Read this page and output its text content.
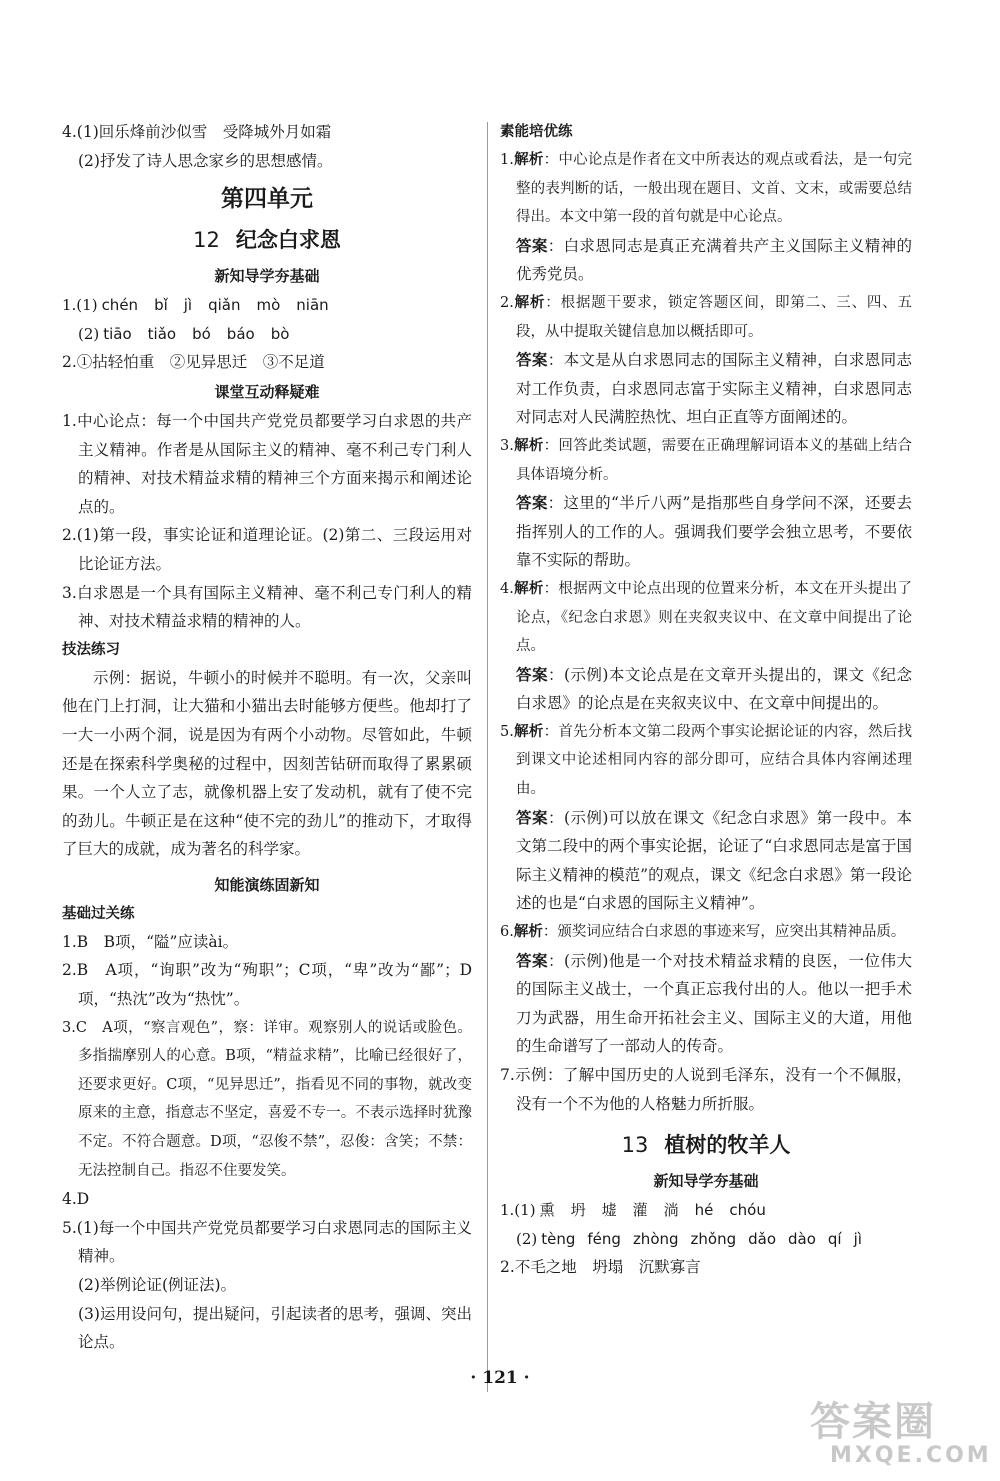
4.(1)回乐烽前沙似雪　受降城外月如霜

(2)抒发了诗人思念家乡的思想感情。

第四单元
12 纪念白求恩
新知导学夯基础

1.(1) chén bǐ jì qiǎn mò niān

(2) tiāo tiǎo bó báo bò

2.①拈轻怕重　②见异思迁　③不足道

课堂互动释疑难

1.中心论点：每一个中国共产党党员都要学习白求恩的共产主义精神。作者是从国际主义的精神、毫不利己专门利人的精神、对技术精益求精的精神三个方面来揭示和阐述论点的。

2.(1)第一段，事实论证和道理论证。(2)第二、三段运用对比论证方法。

3.白求恩是一个具有国际主义精神、毫不利己专门利人的精神、对技术精益求精的精神的人。

技法练习

示例：据说，牛顿小的时候并不聪明。有一次，父亲叫他在门上打洞，让大猫和小猫出去时能够方便些。他却打了一大一小两个洞，说是因为有两个小动物。尽管如此，牛顿还是在探索科学奥秘的过程中，因刻苦钻研而取得了累累硕果。一个人立了志，就像机器上安了发动机，就有了使不完的劲儿。牛顿正是在这种“使不完的劲儿”的推动下，才取得了巨大的成就，成为著名的科学家。

知能演练固新知
基础过关练

1.B　B项，“隘”应读ài。

2.B　A项，“询职”改为“殉职”；C项，“卑”改为“鄙”；D项，“热沈”改为“热忱”。

3.C　A项，“察言观色”，察：详审。观察别人的说话或脸色。多指揣摩别人的心意。B项，“精益求精”，比喻已经很好了，还要求更好。C项，“见异思迁”，指看见不同的事物，就改变原来的主意，指意志不坚定，喜爱不专一。不表示选择时犹豫不定。不符合题意。D项，“忍俊不禁”，忍俊：含笑；不禁：无法控制自己。指忍不住要发笑。

4.D

5.(1)每一个中国共产党党员都要学习白求恩同志的国际主义精神。

(2)举例论证(例证法)。

(3)运用设问句，提出疑问，引起读者的思考，强调、突出论点。

素能培优练

1.解析：中心论点是作者在文中所表达的观点或看法，是一句完整的表判断的话，一般出现在题目、文首、文末，或需要总结得出。本文中第一段的首句就是中心论点。

答案：白求恩同志是真正充满着共产主义国际主义精神的优秀党员。

2.解析：根据题干要求，锁定答题区间，即第二、三、四、五段，从中提取关键信息加以概括即可。

答案：本文是从白求恩同志的国际主义精神，白求恩同志对工作负责，白求恩同志富于实际主义精神，白求恩同志对同志对人民满腔热忱、坦白正直等方面阐述的。

3.解析：回答此类试题，需要在正确理解词语本义的基础上结合具体语境分析。

答案：这里的“半斤八两”是指那些自身学问不深，还要去指挥别人的工作的人。强调我们要学会独立思考，不要依靠不实际的帮助。

4.解析：根据两文中论点出现的位置来分析，本文在开头提出了论点，《纪念白求恩》则在夹叙夹议中、在文章中间提出了论点。

答案：(示例)本文论点是在文章开头提出的，课文《纪念白求恩》的论点是在夹叙夹议中、在文章中间提出的。

5.解析：首先分析本文第二段两个事实论据论证的内容，然后找到课文中论述相同内容的部分即可，应结合具体内容阐述理由。

答案：(示例)可以放在课文《纪念白求恩》第一段中。本文第二段中的两个事实论据，论证了“白求恩同志是富于国际主义精神的模范”的观点，课文《纪念白求恩》第一段论述的也是“白求恩的国际主义精神”。

6.解析：颁奖词应结合白求恩的事迹来写，应突出其精神品质。

答案：(示例)他是一个对技术精益求精的良医，一位伟大的国际主义战士，一个真正忘我付出的人。他以一把手术刀为武器，用生命开拓社会主义、国际主义的大道，用他的生命谱写了一部动人的传奇。

7.示例：了解中国历史的人说到毛泽东，没有一个不佩服，没有一个不为他的人格魅力所折服。

13 植树的牧羊人
新知导学夯基础

1.(1) 熏 坍 墟 灌 淌 hé chóu

(2) tèng féng zhòng zhǒng dǎo dào qí jì

2.不毛之地　坍塌　沉默寡言

· 121 ·
答案圈
MXQE.COM
